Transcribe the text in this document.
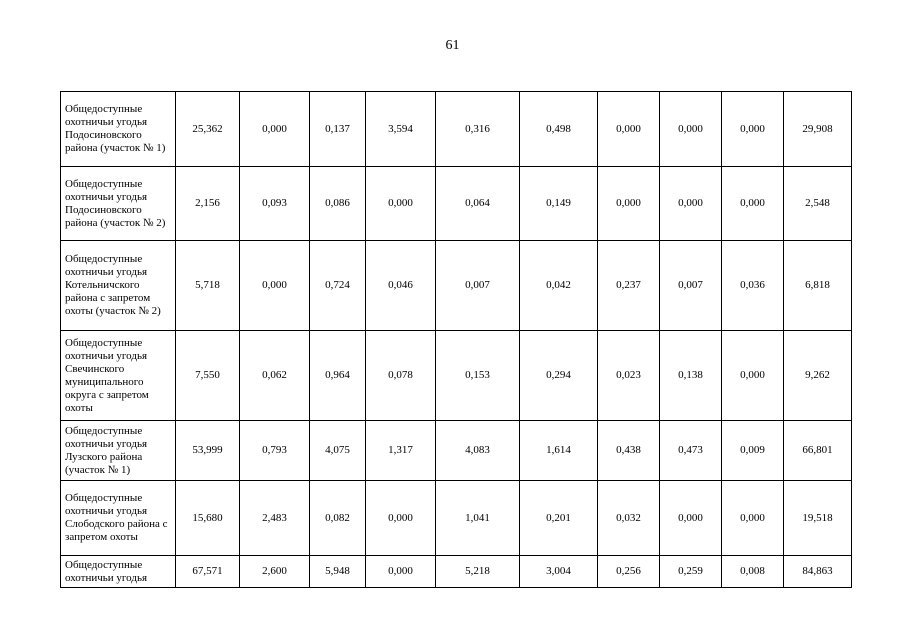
61
Общедоступные охотничьи угодья Подосиновского района (участок № 1)	25,362	0,000	0,137	3,594	0,316	0,498	0,000	0,000	0,000	29,908
Общедоступные охотничьи угодья Подосиновского района (участок № 2)	2,156	0,093	0,086	0,000	0,064	0,149	0,000	0,000	0,000	2,548
Общедоступные охотничьи угодья Котельничского района с запретом охоты (участок № 2)	5,718	0,000	0,724	0,046	0,007	0,042	0,237	0,007	0,036	6,818
Общедоступные охотничьи угодья Свечинского муниципального округа с запретом охоты	7,550	0,062	0,964	0,078	0,153	0,294	0,023	0,138	0,000	9,262
Общедоступные охотничьи угодья Лузского района (участок № 1)	53,999	0,793	4,075	1,317	4,083	1,614	0,438	0,473	0,009	66,801
Общедоступные охотничьи угодья Слободского района с запретом охоты	15,680	2,483	0,082	0,000	1,041	0,201	0,032	0,000	0,000	19,518
Общедоступные охотничьи угодья	67,571	2,600	5,948	0,000	5,218	3,004	0,256	0,259	0,008	84,863
